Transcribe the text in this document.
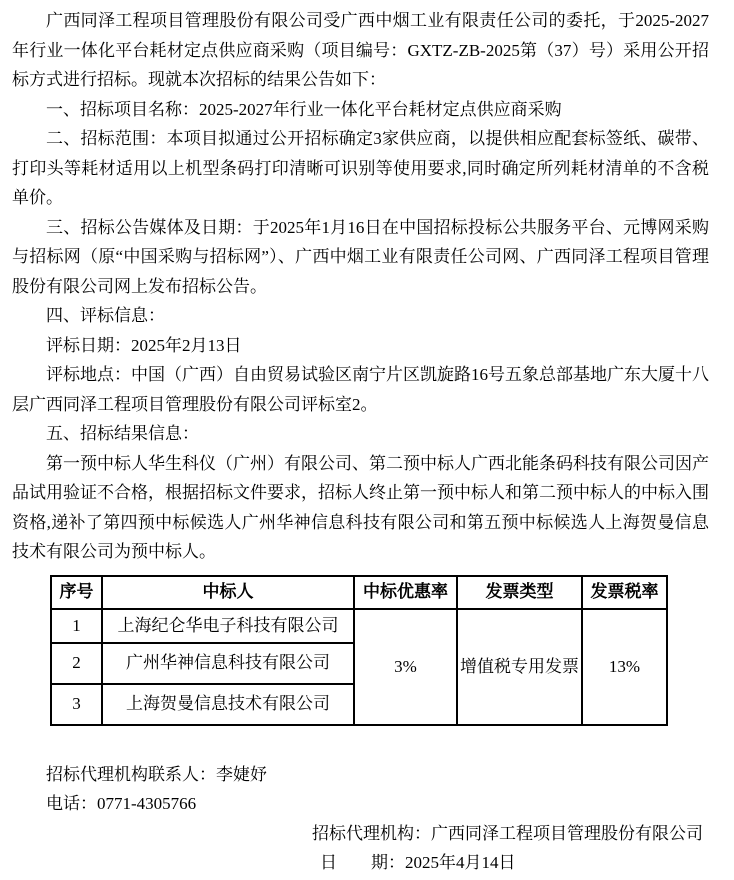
广西同泽工程项目管理股份有限公司受广西中烟工业有限责任公司的委托，于2025-2027年行业一体化平台耗材定点供应商采购（项目编号：GXTZ-ZB-2025第（37）号）采用公开招标方式进行招标。现就本次招标的结果公告如下：

一、招标项目名称：2025-2027年行业一体化平台耗材定点供应商采购

二、招标范围：本项目拟通过公开招标确定3家供应商，以提供相应配套标签纸、碳带、打印头等耗材适用以上机型条码打印清晰可识别等使用要求,同时确定所列耗材清单的不含税单价。

三、招标公告媒体及日期：于2025年1月16日在中国招标投标公共服务平台、元博网采购与招标网（原“中国采购与招标网”）、广西中烟工业有限责任公司网、广西同泽工程项目管理股份有限公司网上发布招标公告。

四、评标信息：

评标日期：2025年2月13日

评标地点：中国（广西）自由贸易试验区南宁片区凯旋路16号五象总部基地广东大厦十八层广西同泽工程项目管理股份有限公司评标室2。

五、招标结果信息：

第一预中标人华生科仪（广州）有限公司、第二预中标人广西北能条码科技有限公司因产品试用验证不合格，根据招标文件要求，招标人终止第一预中标人和第二预中标人的中标入围资格,递补了第四预中标候选人广州华神信息科技有限公司和第五预中标候选人上海贺曼信息技术有限公司为预中标人。

序号	中标人	中标优惠率	发票类型	发票税率
1	上海纪仑华电子科技有限公司	3%	增值税专用发票	13%
2	广州华神信息科技有限公司			
3	上海贺曼信息技术有限公司			

招标代理机构联系人：李婕妤

电话：0771-4305766

招标代理机构：广西同泽工程项目管理股份有限公司

日　　期：2025年4月14日
